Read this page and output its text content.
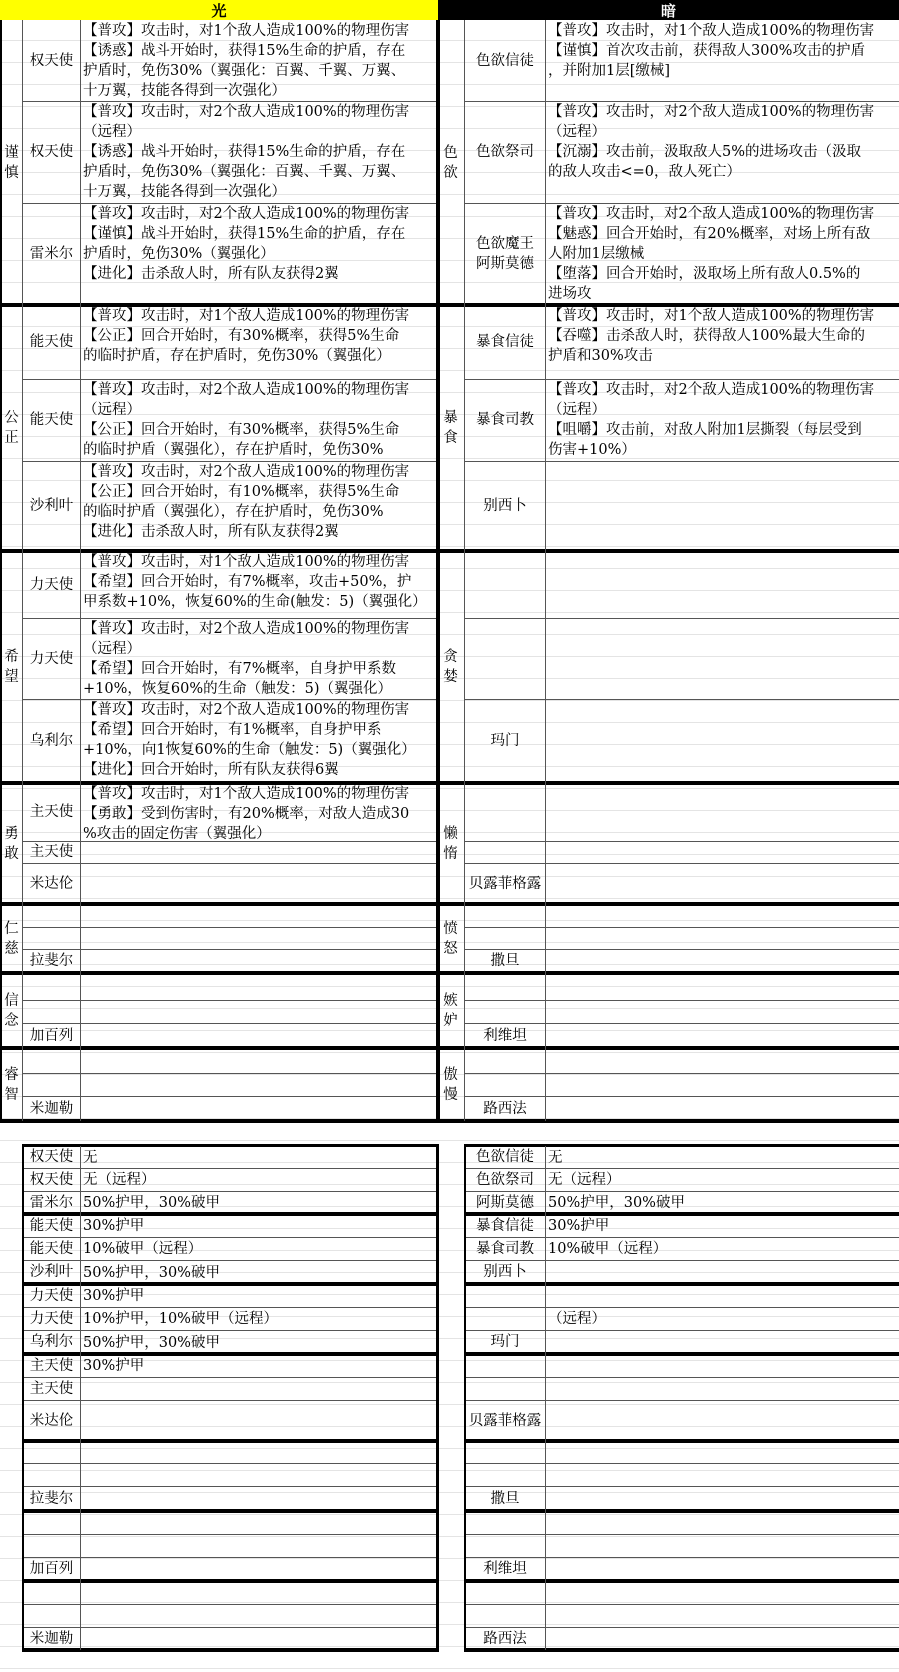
光	暗
谨
慎
权天使
【普攻】攻击时，对1个敌人造成100%的物理伤害
【诱惑】战斗开始时，获得15%生命的护盾，存在
护盾时，免伤30%（翼强化：百翼、千翼、万翼、
十万翼，技能各得到一次强化）
权天使
【普攻】攻击时，对2个敌人造成100%的物理伤害
（远程）
【诱惑】战斗开始时，获得15%生命的护盾，存在
护盾时，免伤30%（翼强化：百翼、千翼、万翼、
十万翼，技能各得到一次强化）
雷米尔
【普攻】攻击时，对2个敌人造成100%的物理伤害
【谨慎】战斗开始时，获得15%生命的护盾，存在
护盾时，免伤30%（翼强化）
【进化】击杀敌人时，所有队友获得2翼
公
正
能天使
【普攻】攻击时，对1个敌人造成100%的物理伤害
【公正】回合开始时，有30%概率，获得5%生命
的临时护盾，存在护盾时，免伤30%（翼强化）
能天使
【普攻】攻击时，对2个敌人造成100%的物理伤害
（远程）
【公正】回合开始时，有30%概率，获得5%生命
的临时护盾（翼强化），存在护盾时，免伤30%
沙利叶
【普攻】攻击时，对2个敌人造成100%的物理伤害
【公正】回合开始时，有10%概率，获得5%生命
的临时护盾（翼强化），存在护盾时，免伤30%
【进化】击杀敌人时，所有队友获得2翼
希
望
力天使
【普攻】攻击时，对1个敌人造成100%的物理伤害
【希望】回合开始时，有7%概率，攻击+50%，护
甲系数+10%，恢复60%的生命(触发：5)（翼强化）
力天使
【普攻】攻击时，对2个敌人造成100%的物理伤害
（远程）
【希望】回合开始时，有7%概率，自身护甲系数
+10%，恢复60%的生命（触发：5)（翼强化）
乌利尔
【普攻】攻击时，对2个敌人造成100%的物理伤害
【希望】回合开始时，有1%概率，自身护甲系
+10%，向1恢复60%的生命（触发：5)（翼强化）
【进化】回合开始时，所有队友获得6翼
勇
敢
主天使
【普攻】攻击时，对1个敌人造成100%的物理伤害
【勇敢】受到伤害时，有20%概率，对敌人造成30
%攻击的固定伤害（翼强化）
主天使
米达伦
仁
慈
拉斐尔
信
念
加百列
睿
智
米迦勒
色
欲
色欲信徒
【普攻】攻击时，对1个敌人造成100%的物理伤害
【谨慎】首次攻击前，获得敌人300%攻击的护盾
，并附加1层[缴械]
色欲祭司
【普攻】攻击时，对2个敌人造成100%的物理伤害
（远程）
【沉溺】攻击前，汲取敌人5%的进场攻击（汲取
的敌人攻击<=0，敌人死亡）
色欲魔王
阿斯莫德
【普攻】攻击时，对2个敌人造成100%的物理伤害
【魅惑】回合开始时，有20%概率，对场上所有敌
人附加1层缴械
【堕落】回合开始时，汲取场上所有敌人0.5%的
进场攻
暴
食
暴食信徒
【普攻】攻击时，对1个敌人造成100%的物理伤害
【吞噬】击杀敌人时，获得敌人100%最大生命的
护盾和30%攻击
暴食司教
【普攻】攻击时，对2个敌人造成100%的物理伤害
（远程）
【咀嚼】攻击前，对敌人附加1层撕裂（每层受到
伤害+10%）
别西卜
贪
婪
玛门
懒
惰
贝露菲格露
愤
怒
撒旦
嫉
妒
利维坦
傲
慢
路西法
权天使 无
权天使 无（远程）
雷米尔 50%护甲，30%破甲
能天使 30%护甲
能天使 10%破甲（远程）
沙利叶 50%护甲，30%破甲
力天使 30%护甲
力天使 10%护甲，10%破甲（远程）
乌利尔 50%护甲，30%破甲
主天使 30%护甲
主天使
米达伦
拉斐尔
加百列
米迦勒
色欲信徒 无
色欲祭司 无（远程）
阿斯莫德 50%护甲，30%破甲
暴食信徒 30%护甲
暴食司教 10%破甲（远程）
别西卜
（远程）
玛门
贝露菲格露
撒旦
利维坦
路西法
